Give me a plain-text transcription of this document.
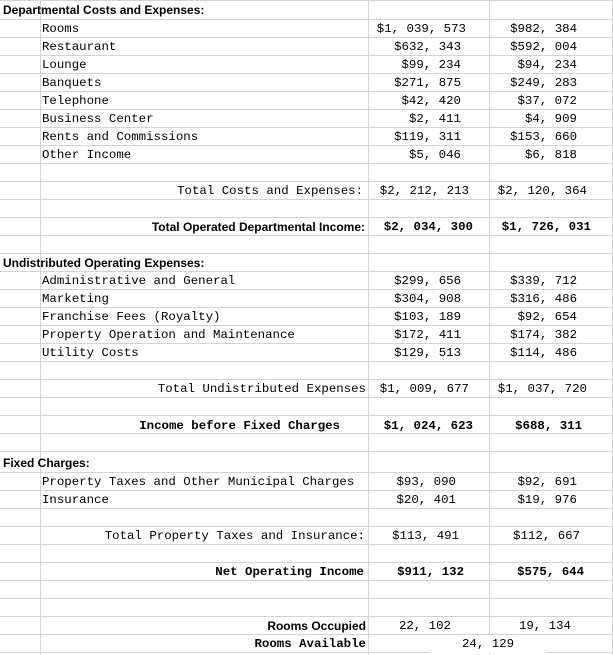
Departmental Costs and Expenses:
Rooms	$1, 039, 573	$982, 384
Restaurant	$632, 343	$592, 004
Lounge	$99, 234	$94, 234
Banquets	$271, 875	$249, 283
Telephone	$42, 420	$37, 072
Business Center	$2, 411	$4, 909
Rents and Commissions	$119, 311	$153, 660
Other Income	$5, 046	$6, 818
Total Costs and Expenses:	$2, 212, 213	$2, 120, 364
Total Operated Departmental Income:	$2, 034, 300	$1, 726, 031
Undistributed Operating Expenses:
Administrative and General	$299, 656	$339, 712
Marketing	$304, 908	$316, 486
Franchise Fees (Royalty)	$103, 189	$92, 654
Property Operation and Maintenance	$172, 411	$174, 382
Utility Costs	$129, 513	$114, 486
Total Undistributed Expenses	$1, 009, 677	$1, 037, 720
Income before Fixed Charges	$1, 024, 623	$688, 311
Fixed Charges:
Property Taxes and Other Municipal Charges	$93, 090	$92, 691
Insurance	$20, 401	$19, 976
Total Property Taxes and Insurance:	$113, 491	$112, 667
Net Operating Income	$911, 132	$575, 644
Rooms Occupied	22, 102	19, 134
Rooms Available	24, 129
